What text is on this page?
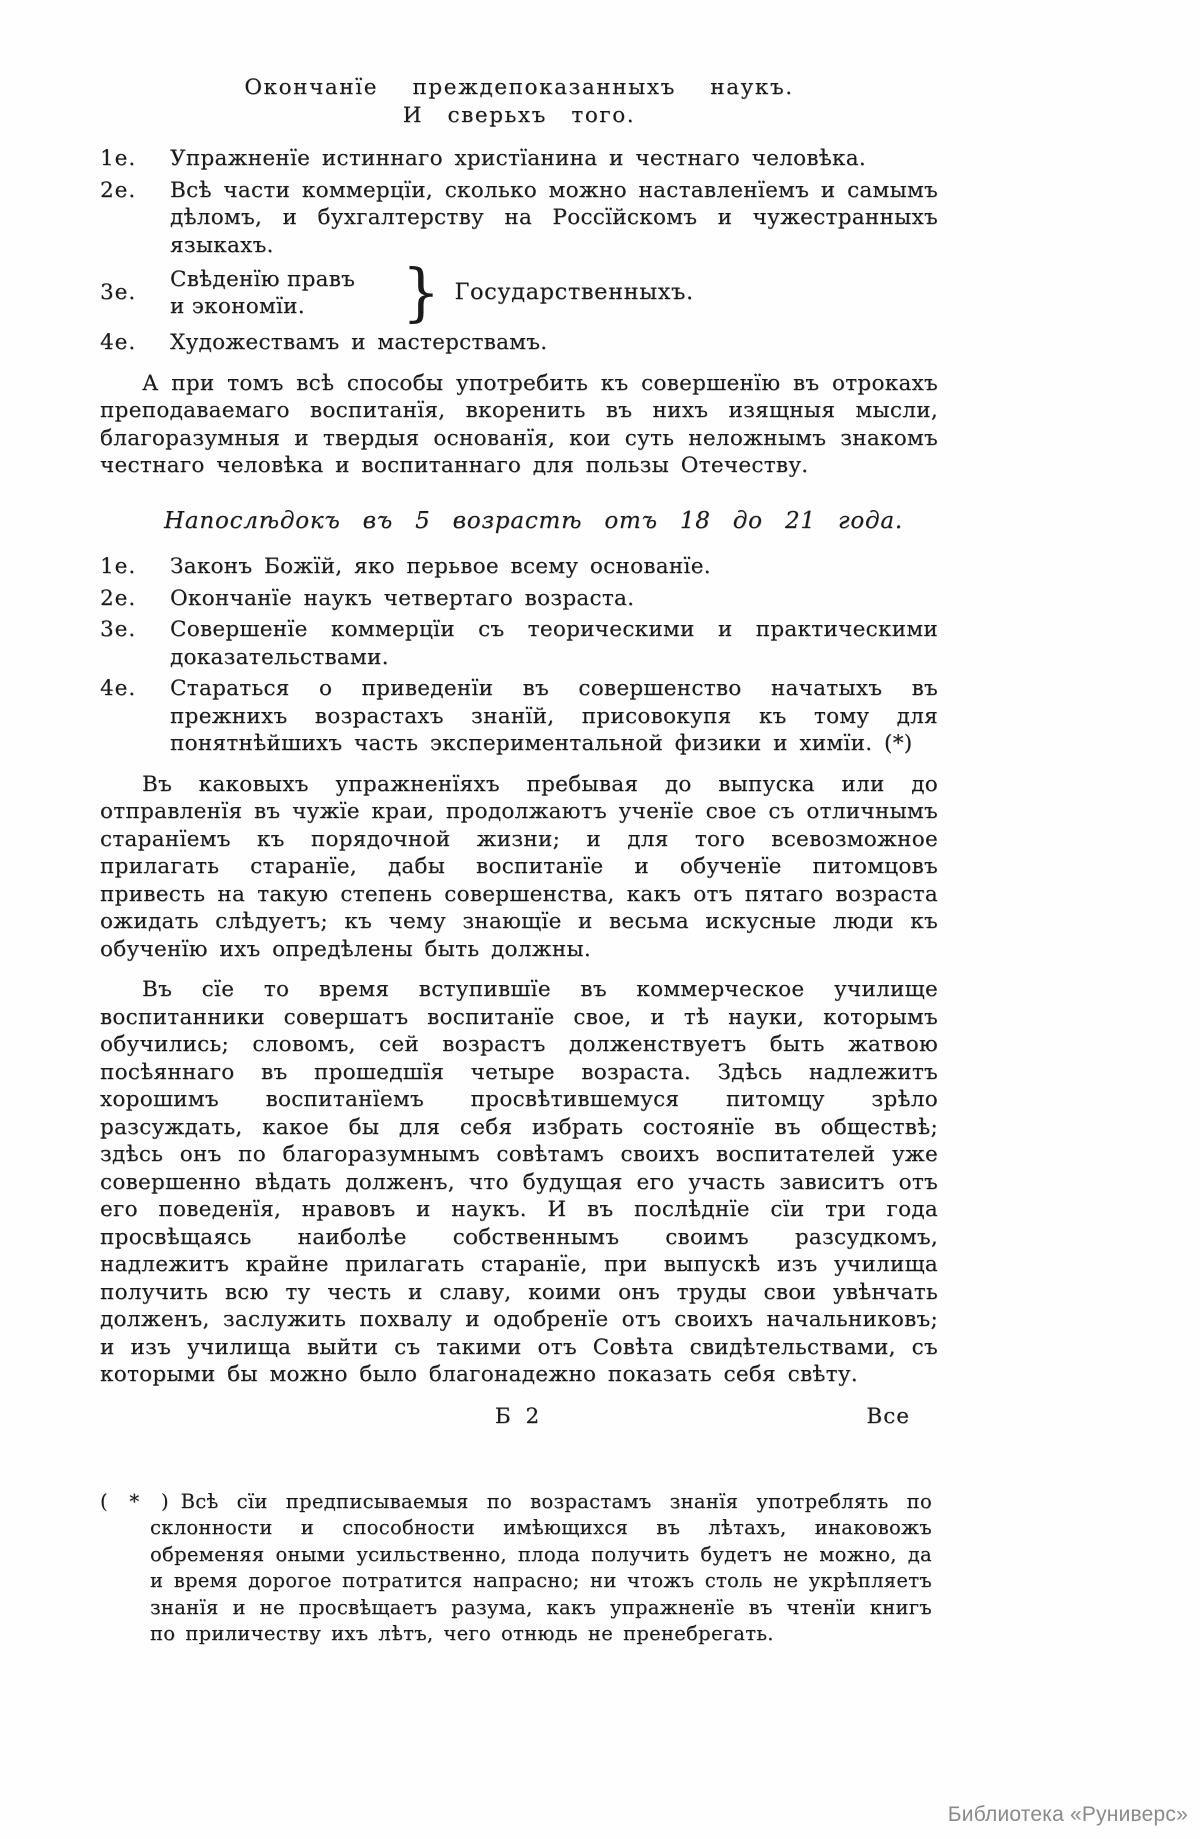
Окончанїе преждепоказанныхъ наукъ.
И сверьхъ того.
1е.	Упражненїе истиннаго христїанина и честнаго человѣка.
2е.	Всѣ части коммерцїи, сколько можно наставленїемъ и самымъ дѣломъ, и бухгалтерству на Россїйскомъ и чужестранныхъ языкахъ.
3е.
Свѣденїю правъ
и экономїи.	} Государственныхъ.
4е.	Художествамъ и мастерствамъ.

А при томъ всѣ способы употребить къ совершенїю въ отрокахъ преподаваемаго воспитанїя, вкоренить въ нихъ изящныя мысли, благоразумныя и твердыя основанїя, кои суть неложнымъ знакомъ честнаго человѣка и воспитаннаго для пользы Отечеству.

Напослѣдокъ въ 5 возрастѣ отъ 18 до 21 года.
1е.	Законъ Божїй, яко перьвое всему основанїе.
2е.	Окончанїе наукъ четвертаго возраста.
3е.	Совершенїе коммерцїи съ теорическими и практическими доказательствами.
4е.	Стараться о приведенїи въ совершенство начатыхъ въ прежнихъ возрастахъ знанїй, присовокупя къ тому для понятнѣйшихъ часть экспериментальной физики и химїи. (*)

Въ каковыхъ упражненїяхъ пребывая до выпуска или до отправленїя въ чужїе краи, продолжаютъ ученїе свое съ отличнымъ старанїемъ къ порядочной жизни; и для того всевозможное прилагать старанїе, дабы воспитанїе и обученїе питомцовъ привесть на такую степень совершенства, какъ отъ пятаго возраста ожидать слѣдуетъ; къ чему знающїе и весьма искусные люди къ обученїю ихъ опредѣлены быть должны.

Въ сїе то время вступившїе въ коммерческое училище воспитанники совершатъ воспитанїе свое, и тѣ науки, которымъ обучились; словомъ, сей возрастъ долженствуетъ быть жатвою посѣяннаго въ прошедшїя четыре возраста. Здѣсь надлежитъ хорошимъ воспитанїемъ просвѣтившемуся питомцу зрѣло разсуждать, какое бы для себя избрать состоянїе въ обществѣ; здѣсь онъ по благоразумнымъ совѣтамъ своихъ воспитателей уже совершенно вѣдать долженъ, что будущая его участь зависитъ отъ его поведенїя, нравовъ и наукъ. И въ послѣднїе сїи три года просвѣщаясь наиболѣе собственнымъ своимъ разсудкомъ, надлежитъ крайне прилагать старанїе, при выпускѣ изъ училища получить всю ту честь и славу, коими онъ труды свои увѣнчать долженъ, заслужить похвалу и одобренїе отъ своихъ начальниковъ; и изъ училища выйти съ такими отъ Совѣта свидѣтельствами, съ которыми бы можно было благонадежно показать себя свѣту.

Б 2	Все
( * ) Всѣ сїи предписываемыя по возрастамъ знанїя употреблять по склонности и способности имѣющихся въ лѣтахъ, инаковожъ обременяя оными усильственно, плода получить будетъ не можно, да и время дорогое потратится напрасно; ни чтожъ столь не укрѣпляетъ знанїя и не просвѣщаетъ разума, какъ упражненїе въ чтенїи книгъ по приличеству ихъ лѣтъ, чего отнюдь не пренебрегать.
Библиотека «Руниверс»
